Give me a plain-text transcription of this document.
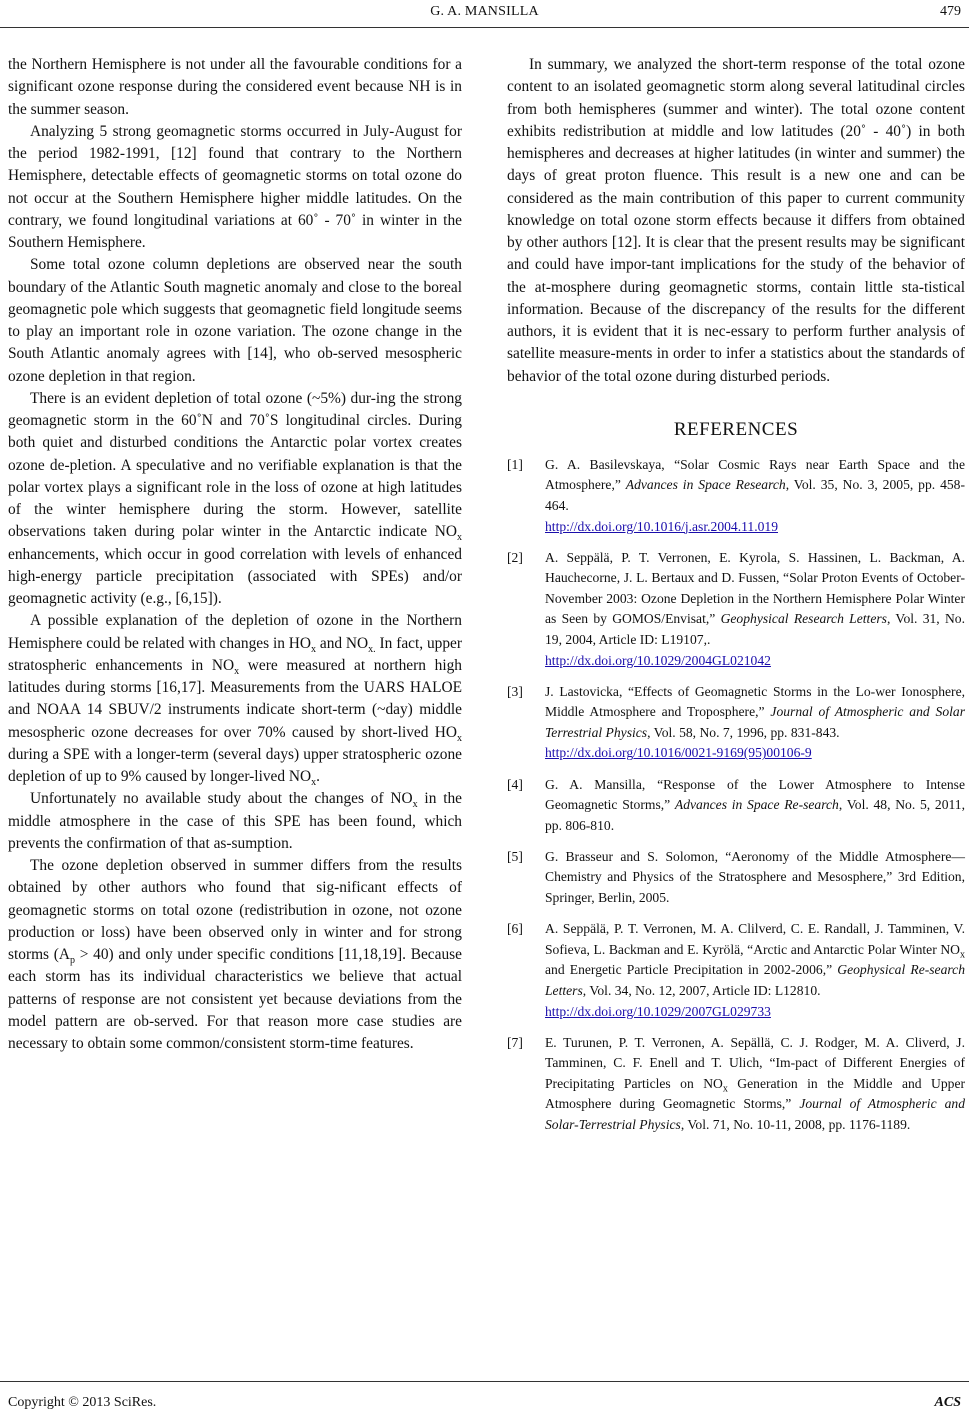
G. A. MANSILLA	479

the Northern Hemisphere is not under all the favourable conditions for a significant ozone response during the considered event because NH is in the summer season.

Analyzing 5 strong geomagnetic storms occurred in July-August for the period 1982-1991, [12] found that contrary to the Northern Hemisphere, detectable effects of geomagnetic storms on total ozone do not occur at the Southern Hemisphere higher middle latitudes. On the contrary, we found longitudinal variations at 60˚ - 70˚ in winter in the Southern Hemisphere.

Some total ozone column depletions are observed near the south boundary of the Atlantic South magnetic anomaly and close to the boreal geomagnetic pole which suggests that geomagnetic field longitude seems to play an important role in ozone variation. The ozone change in the South Atlantic anomaly agrees with [14], who ob-served mesospheric ozone depletion in that region.

There is an evident depletion of total ozone (~5%) dur-ing the strong geomagnetic storm in the 60˚N and 70˚S longitudinal circles. During both quiet and disturbed conditions the Antarctic polar vortex creates ozone de-pletion. A speculative and no verifiable explanation is that the polar vortex plays a significant role in the loss of ozone at high latitudes of the winter hemisphere during the storm. However, satellite observations taken during polar winter in the Antarctic indicate $NO_x$ enhancements, which occur in good correlation with levels of enhanced high-energy particle precipitation (associated with SPEs) and/or geomagnetic activity (e.g., [6,15]).

A possible explanation of the depletion of ozone in the Northern Hemisphere could be related with changes in $HO_x$ and $NO_{x.}$ In fact, upper stratospheric enhancements in $NO_x$ were measured at northern high latitudes during storms [16,17]. Measurements from the UARS HALOE and NOAA 14 SBUV/2 instruments indicate short-term (~day) middle mesospheric ozone decreases for over 70% caused by short-lived $HO_x$ during a SPE with a longer-term (several days) upper stratospheric ozone depletion of up to 9% caused by longer-lived $NO_x$.

Unfortunately no available study about the changes of $NO_x$ in the middle atmosphere in the case of this SPE has been found, which prevents the confirmation of that as-sumption.

The ozone depletion observed in summer differs from the results obtained by other authors who found that sig-nificant effects of geomagnetic storms on total ozone (redistribution in ozone, not ozone production or loss) have been observed only in winter and for strong storms $(A_p > 40)$ and only under specific conditions [11,18,19]. Because each storm has its individual characteristics we believe that actual patterns of response are not consistent yet because deviations from the model pattern are ob-served. For that reason more case studies are necessary to obtain some common/consistent storm-time features.

In summary, we analyzed the short-term response of the total ozone content to an isolated geomagnetic storm along several latitudinal circles from both hemispheres (summer and winter). The total ozone content exhibits redistribution at middle and low latitudes (20˚ - 40˚) in both hemispheres and decreases at higher latitudes (in winter and summer) the days of great proton fluence. This result is a new one and can be considered as the main contribution of this paper to current community knowledge on total ozone storm effects because it differs from obtained by other authors [12]. It is clear that the present results may be significant and could have impor-tant implications for the study of the behavior of the at-mosphere during geomagnetic storms, contain little sta-tistical information. Because of the discrepancy of the results for the different authors, it is evident that it is nec-essary to perform further analysis of satellite measure-ments in order to infer a statistics about the standards of behavior of the total ozone during disturbed periods.

REFERENCES
[1]	G. A. Basilevskaya, “Solar Cosmic Rays near Earth Space and the Atmosphere,” Advances in Space Research, Vol. 35, No. 3, 2005, pp. 458-464.
http://dx.doi.org/10.1016/j.asr.2004.11.019
[2]	A. Seppälä, P. T. Verronen, E. Kyrola, S. Hassinen, L. Backman, A. Hauchecorne, J. L. Bertaux and D. Fussen, “Solar Proton Events of October-November 2003: Ozone Depletion in the Northern Hemisphere Polar Winter as Seen by GOMOS/Envisat,” Geophysical Research Letters, Vol. 31, No. 19, 2004, Article ID: L19107,.
http://dx.doi.org/10.1029/2004GL021042
[3]	J. Lastovicka, “Effects of Geomagnetic Storms in the Lo-wer Ionosphere, Middle Atmosphere and Troposphere,” Journal of Atmospheric and Solar Terrestrial Physics, Vol. 58, No. 7, 1996, pp. 831-843.
http://dx.doi.org/10.1016/0021-9169(95)00106-9
[4]	G. A. Mansilla, “Response of the Lower Atmosphere to Intense Geomagnetic Storms,” Advances in Space Re-search, Vol. 48, No. 5, 2011, pp. 806-810.
[5]	G. Brasseur and S. Solomon, “Aeronomy of the Middle Atmosphere—Chemistry and Physics of the Stratosphere and Mesosphere,” 3rd Edition, Springer, Berlin, 2005.
[6]	A. Seppälä, P. T. Verronen, M. A. Clilverd, C. E. Randall, J. Tamminen, V. Sofieva, L. Backman and E. Kyrölä, “Arctic and Antarctic Polar Winter $NO_x$ and Energetic Particle Precipitation in 2002-2006,” Geophysical Re-search Letters, Vol. 34, No. 12, 2007, Article ID: L12810.
http://dx.doi.org/10.1029/2007GL029733
[7]	E. Turunen, P. T. Verronen, A. Sepällä, C. J. Rodger, M. A. Cliverd, J. Tamminen, C. F. Enell and T. Ulich, “Im-pact of Different Energies of Precipitating Particles on $NO_x$ Generation in the Middle and Upper Atmosphere during Geomagnetic Storms,” Journal of Atmospheric and Solar-Terrestrial Physics, Vol. 71, No. 10-11, 2008, pp. 1176-1189.
Copyright © 2013 SciRes.	ACS
